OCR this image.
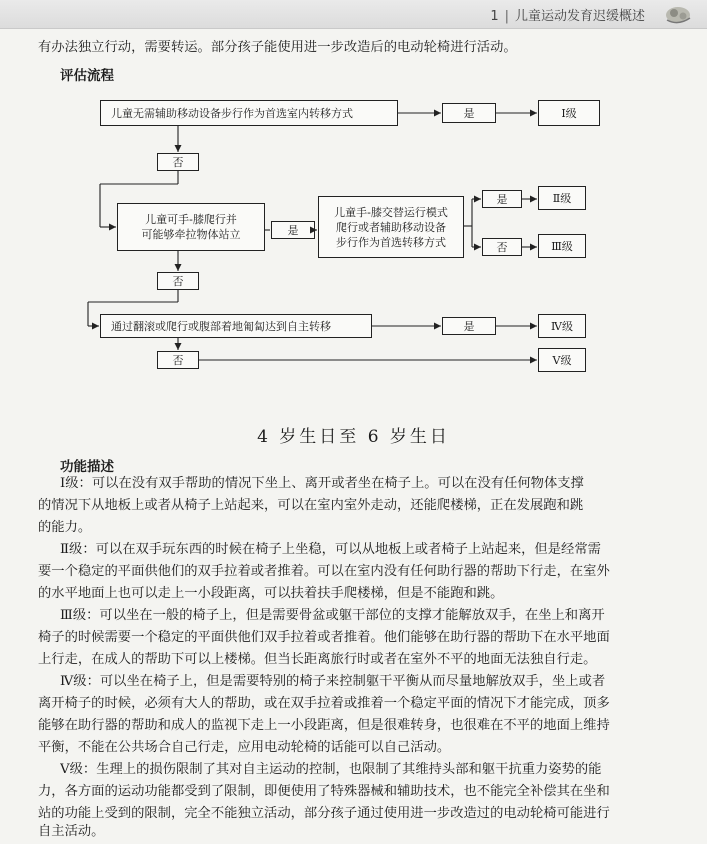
1 | 儿童运动发育迟缓概述
有办法独立行动，需要转运。部分孩子能使用进一步改造后的电动轮椅进行活动。
评估流程
儿童无需辅助移动设备步行作为首选室内转移方式	是	Ⅰ级
否
儿童可手-膝爬行并
可能够牵拉物体站立	是
儿童手-膝交替运行模式
爬行或者辅助移动设备
步行作为首选转移方式
是	Ⅱ级
否	Ⅲ级
否
通过翻滚或爬行或腹部着地匍匐达到自主转移	是	Ⅳ级
否	Ⅴ级
4 岁生日至 6 岁生日
功能描述
Ⅰ级：可以在没有双手帮助的情况下坐上、离开或者坐在椅子上。可以在没有任何物体支撑
的情况下从地板上或者从椅子上站起来，可以在室内室外走动，还能爬楼梯，正在发展跑和跳
的能力。
Ⅱ级：可以在双手玩东西的时候在椅子上坐稳，可以从地板上或者椅子上站起来，但是经常需
要一个稳定的平面供他们的双手拉着或者推着。可以在室内没有任何助行器的帮助下行走，在室外
的水平地面上也可以走上一小段距离，可以扶着扶手爬楼梯，但是不能跑和跳。
Ⅲ级：可以坐在一般的椅子上，但是需要骨盆或躯干部位的支撑才能解放双手，在坐上和离开
椅子的时候需要一个稳定的平面供他们双手拉着或者推着。他们能够在助行器的帮助下在水平地面
上行走，在成人的帮助下可以上楼梯。但当长距离旅行时或者在室外不平的地面无法独自行走。
Ⅳ级：可以坐在椅子上，但是需要特别的椅子来控制躯干平衡从而尽量地解放双手，坐上或者
离开椅子的时候，必须有大人的帮助，或在双手拉着或推着一个稳定平面的情况下才能完成，顶多
能够在助行器的帮助和成人的监视下走上一小段距离，但是很难转身，也很难在不平的地面上维持
平衡，不能在公共场合自己行走，应用电动轮椅的话能可以自己活动。
Ⅴ级：生理上的损伤限制了其对自主运动的控制，也限制了其维持头部和躯干抗重力姿势的能
力，各方面的运动功能都受到了限制，即便使用了特殊器械和辅助技术，也不能完全补偿其在坐和
站的功能上受到的限制，完全不能独立活动，部分孩子通过使用进一步改造过的电动轮椅可能进行
自主活动。
